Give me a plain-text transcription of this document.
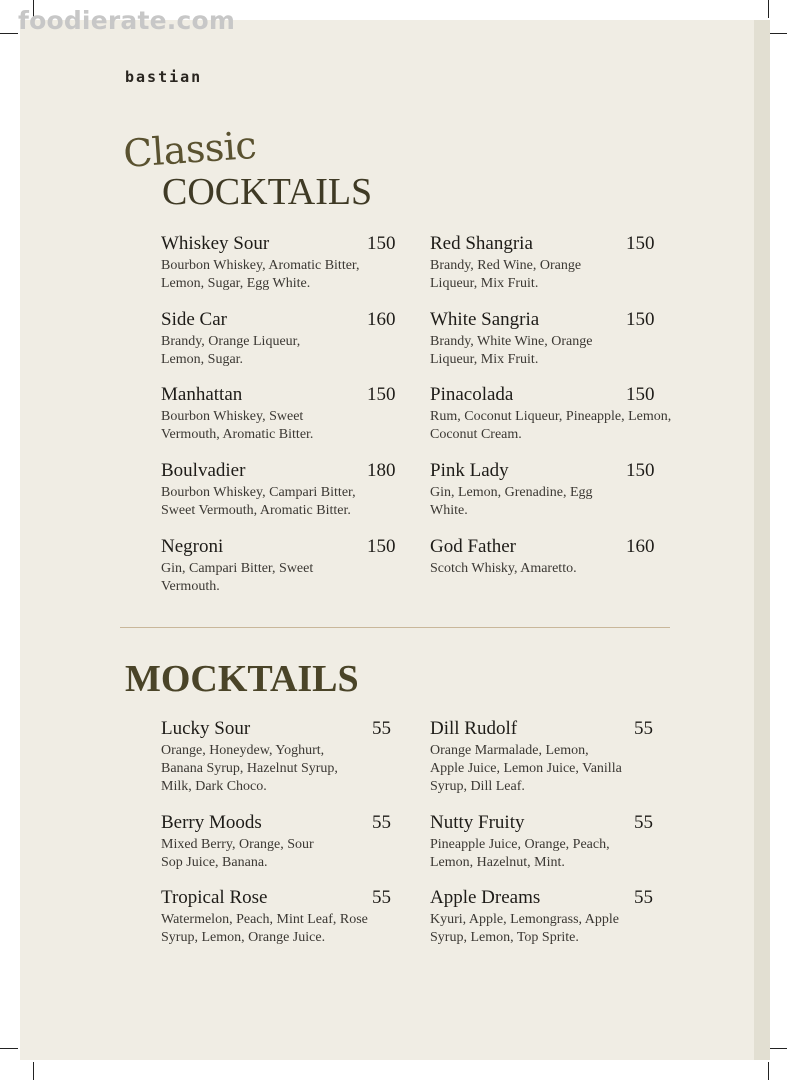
foodierate.com
bastian
Classic
COCKTAILS
Whiskey Sour	150
Bourbon Whiskey, Aromatic Bitter, Lemon, Sugar, Egg White.
Side Car	160
Brandy, Orange Liqueur, Lemon, Sugar.
Manhattan	150
Bourbon Whiskey, Sweet Vermouth, Aromatic Bitter.
Boulvadier	180
Bourbon Whiskey, Campari Bitter, Sweet Vermouth, Aromatic Bitter.
Negroni	150
Gin, Campari Bitter, Sweet Vermouth.
Red Shangria	150
Brandy, Red Wine, Orange Liqueur, Mix Fruit.
White Sangria	150
Brandy, White Wine, Orange Liqueur, Mix Fruit.
Pinacolada	150
Rum, Coconut Liqueur, Pineapple, Lemon, Coconut Cream.
Pink Lady	150
Gin, Lemon, Grenadine, Egg White.
God Father	160
Scotch Whisky, Amaretto.
MOCKTAILS
Lucky Sour	55
Orange, Honeydew, Yoghurt, Banana Syrup, Hazelnut Syrup, Milk, Dark Choco.
Berry Moods	55
Mixed Berry, Orange, Sour Sop Juice, Banana.
Tropical Rose	55
Watermelon, Peach, Mint Leaf, Rose Syrup, Lemon, Orange Juice.
Dill Rudolf	55
Orange Marmalade, Lemon, Apple Juice, Lemon Juice, Vanilla Syrup, Dill Leaf.
Nutty Fruity	55
Pineapple Juice, Orange, Peach, Lemon, Hazelnut, Mint.
Apple Dreams	55
Kyuri, Apple, Lemongrass, Apple Syrup, Lemon, Top Sprite.
